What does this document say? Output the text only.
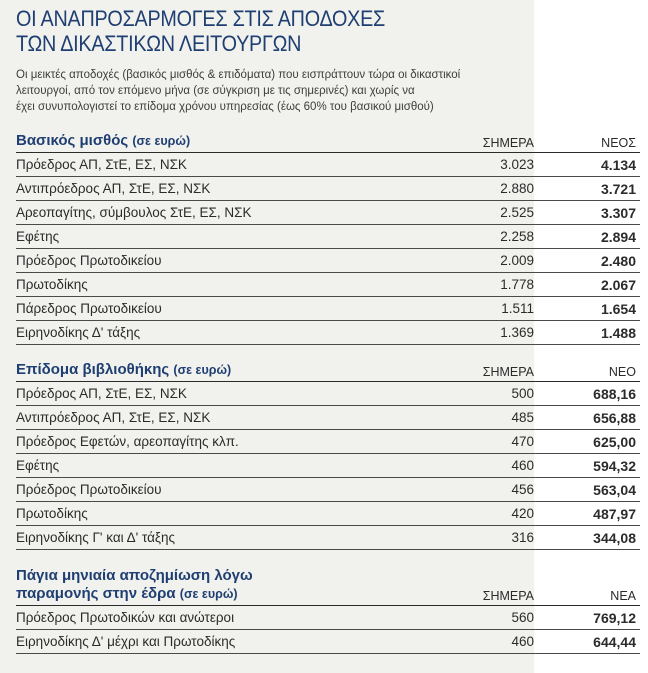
ΟΙ ΑΝΑΠΡΟΣΑΡΜΟΓΕΣ ΣΤΙΣ ΑΠΟΔΟΧΕΣ
ΤΩΝ ΔΙΚΑΣΤΙΚΩΝ ΛΕΙΤΟΥΡΓΩΝ
Οι μεικτές αποδοχές (βασικός μισθός & επιδόματα) που εισπράττουν τώρα οι δικαστικοί
λειτουργοί, από τον επόμενο μήνα (σε σύγκριση με τις σημερινές) και χωρίς να
έχει συνυπολογιστεί το επίδομα χρόνου υπηρεσίας (έως 60% του βασικού μισθού)
Βασικός μισθός (σε ευρώ)	ΣΗΜΕΡΑ	ΝΕΟΣ
Πρόεδρος ΑΠ, ΣτΕ, ΕΣ, ΝΣΚ	3.023	4.134
Αντιπρόεδρος ΑΠ, ΣτΕ, ΕΣ, ΝΣΚ	2.880	3.721
Αρεοπαγίτης, σύμβουλος ΣτΕ, ΕΣ, ΝΣΚ	2.525	3.307
Εφέτης	2.258	2.894
Πρόεδρος Πρωτοδικείου	2.009	2.480
Πρωτοδίκης	1.778	2.067
Πάρεδρος Πρωτοδικείου	1.511	1.654
Ειρηνοδίκης Δ' τάξης	1.369	1.488
Επίδομα βιβλιοθήκης (σε ευρώ)	ΣΗΜΕΡΑ	ΝΕΟ
Πρόεδρος ΑΠ, ΣτΕ, ΕΣ, ΝΣΚ	500	688,16
Αντιπρόεδρος ΑΠ, ΣτΕ, ΕΣ, ΝΣΚ	485	656,88
Πρόεδρος Εφετών, αρεοπαγίτης κλπ.	470	625,00
Εφέτης	460	594,32
Πρόεδρος Πρωτοδικείου	456	563,04
Πρωτοδίκης	420	487,97
Ειρηνοδίκης Γ' και Δ' τάξης	316	344,08
Πάγια μηνιαία αποζημίωση λόγω
παραμονής στην έδρα (σε ευρώ)	ΣΗΜΕΡΑ	ΝΕΑ
Πρόεδρος Πρωτοδικών και ανώτεροι	560	769,12
Ειρηνοδίκης Δ' μέχρι και Πρωτοδίκης	460	644,44
